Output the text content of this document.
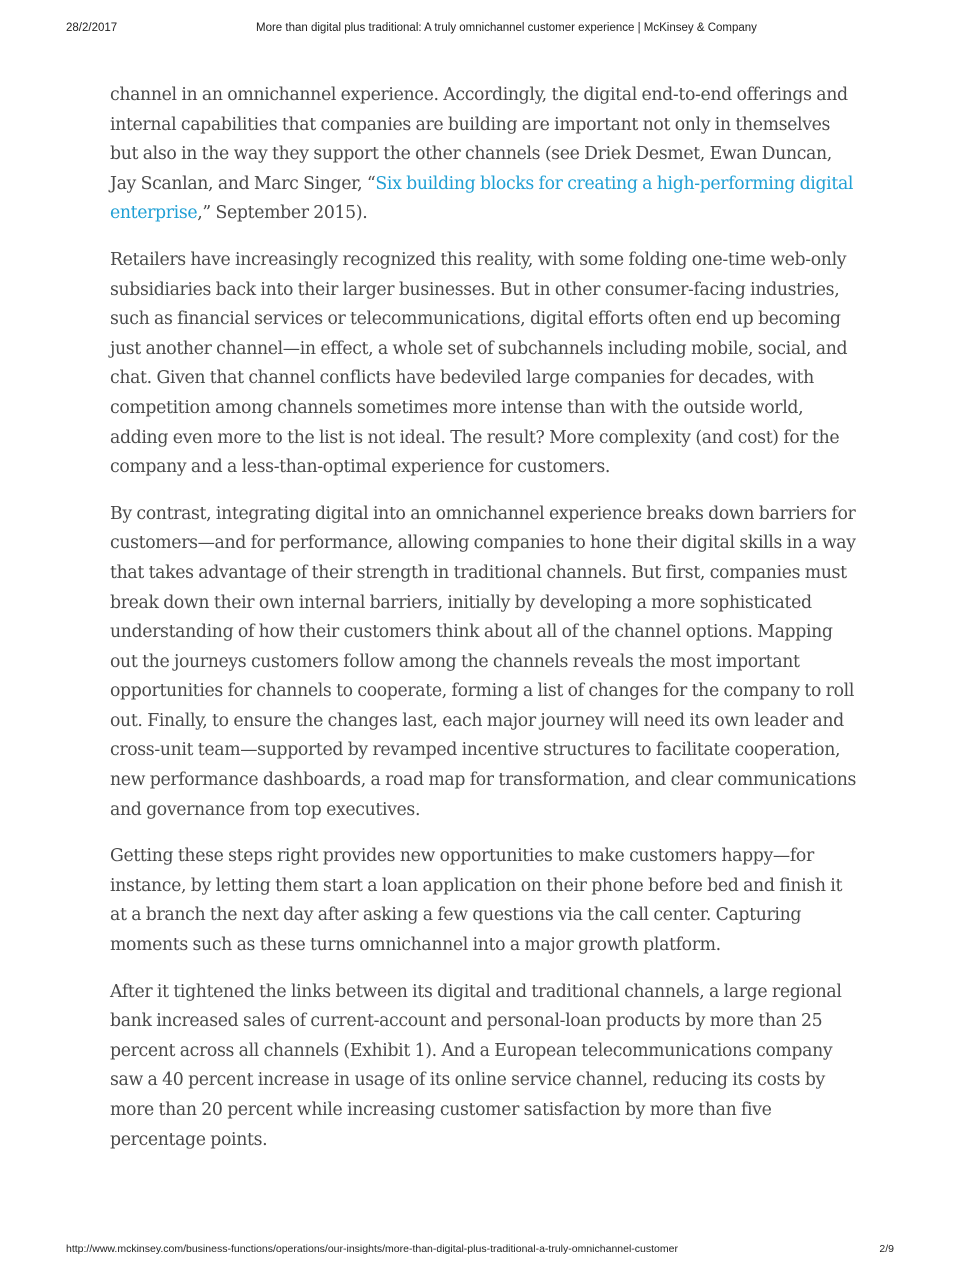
28/2/2017	More than digital plus traditional: A truly omnichannel customer experience | McKinsey & Company

channel in an omnichannel experience. Accordingly, the digital end-to-end offerings and internal capabilities that companies are building are important not only in themselves but also in the way they support the other channels (see Driek Desmet, Ewan Duncan, Jay Scanlan, and Marc Singer, “Six building blocks for creating a high-performing digital enterprise,” September 2015).

Retailers have increasingly recognized this reality, with some folding one-time web-only subsidiaries back into their larger businesses. But in other consumer-facing industries, such as financial services or telecommunications, digital efforts often end up becoming just another channel—in effect, a whole set of subchannels including mobile, social, and chat. Given that channel conflicts have bedeviled large companies for decades, with competition among channels sometimes more intense than with the outside world, adding even more to the list is not ideal. The result? More complexity (and cost) for the company and a less-than-optimal experience for customers.

By contrast, integrating digital into an omnichannel experience breaks down barriers for customers—and for performance, allowing companies to hone their digital skills in a way that takes advantage of their strength in traditional channels. But first, companies must break down their own internal barriers, initially by developing a more sophisticated understanding of how their customers think about all of the channel options. Mapping out the journeys customers follow among the channels reveals the most important opportunities for channels to cooperate, forming a list of changes for the company to roll out. Finally, to ensure the changes last, each major journey will need its own leader and cross-unit team—supported by revamped incentive structures to facilitate cooperation, new performance dashboards, a road map for transformation, and clear communications and governance from top executives.

Getting these steps right provides new opportunities to make customers happy—for instance, by letting them start a loan application on their phone before bed and finish it at a branch the next day after asking a few questions via the call center. Capturing moments such as these turns omnichannel into a major growth platform.

After it tightened the links between its digital and traditional channels, a large regional bank increased sales of current-account and personal-loan products by more than 25 percent across all channels (Exhibit 1). And a European telecommunications company saw a 40 percent increase in usage of its online service channel, reducing its costs by more than 20 percent while increasing customer satisfaction by more than five percentage points.

http://www.mckinsey.com/business-functions/operations/our-insights/more-than-digital-plus-traditional-a-truly-omnichannel-customer	2/9
